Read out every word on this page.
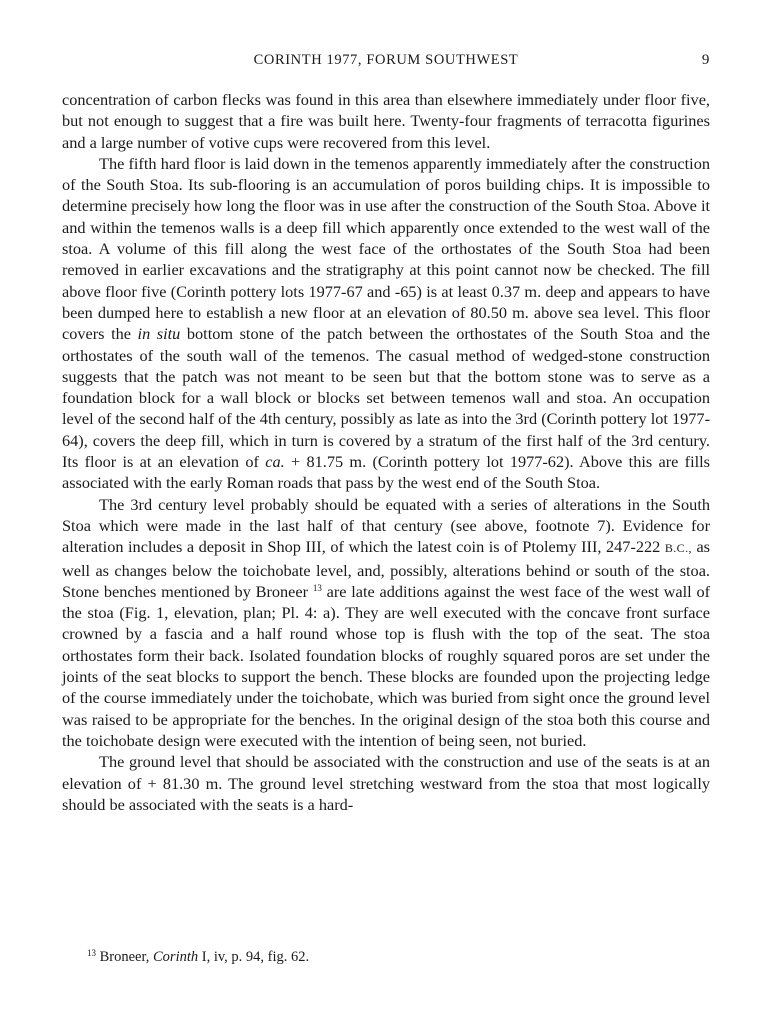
CORINTH 1977, FORUM SOUTHWEST	9

concentration of carbon flecks was found in this area than elsewhere immediately under floor five, but not enough to suggest that a fire was built here. Twenty-four fragments of terracotta figurines and a large number of votive cups were recovered from this level.

The fifth hard floor is laid down in the temenos apparently immediately after the construction of the South Stoa. Its sub-flooring is an accumulation of poros building chips. It is impossible to determine precisely how long the floor was in use after the construction of the South Stoa. Above it and within the temenos walls is a deep fill which apparently once extended to the west wall of the stoa. A volume of this fill along the west face of the orthostates of the South Stoa had been removed in earlier excavations and the stratigraphy at this point cannot now be checked. The fill above floor five (Corinth pottery lots 1977-67 and -65) is at least 0.37 m. deep and appears to have been dumped here to establish a new floor at an elevation of 80.50 m. above sea level. This floor covers the in situ bottom stone of the patch between the orthostates of the South Stoa and the orthostates of the south wall of the temenos. The casual method of wedged-stone construction suggests that the patch was not meant to be seen but that the bottom stone was to serve as a foundation block for a wall block or blocks set between temenos wall and stoa. An occupation level of the second half of the 4th century, possibly as late as into the 3rd (Corinth pottery lot 1977-64), covers the deep fill, which in turn is covered by a stratum of the first half of the 3rd century. Its floor is at an elevation of ca. + 81.75 m. (Corinth pottery lot 1977-62). Above this are fills associated with the early Roman roads that pass by the west end of the South Stoa.

The 3rd century level probably should be equated with a series of alterations in the South Stoa which were made in the last half of that century (see above, footnote 7). Evidence for alteration includes a deposit in Shop III, of which the latest coin is of Ptolemy III, 247-222 B.C., as well as changes below the toichobate level, and, possibly, alterations behind or south of the stoa. Stone benches mentioned by Broneer $^{13}$ are late additions against the west face of the west wall of the stoa (Fig. 1, elevation, plan; Pl. 4: a). They are well executed with the concave front surface crowned by a fascia and a half round whose top is flush with the top of the seat. The stoa orthostates form their back. Isolated foundation blocks of roughly squared poros are set under the joints of the seat blocks to support the bench. These blocks are founded upon the projecting ledge of the course immediately under the toichobate, which was buried from sight once the ground level was raised to be appropriate for the benches. In the original design of the stoa both this course and the toichobate design were executed with the intention of being seen, not buried.

The ground level that should be associated with the construction and use of the seats is at an elevation of + 81.30 m. The ground level stretching westward from the stoa that most logically should be associated with the seats is a hard-

$^{13}$ Broneer, Corinth I, iv, p. 94, fig. 62.
